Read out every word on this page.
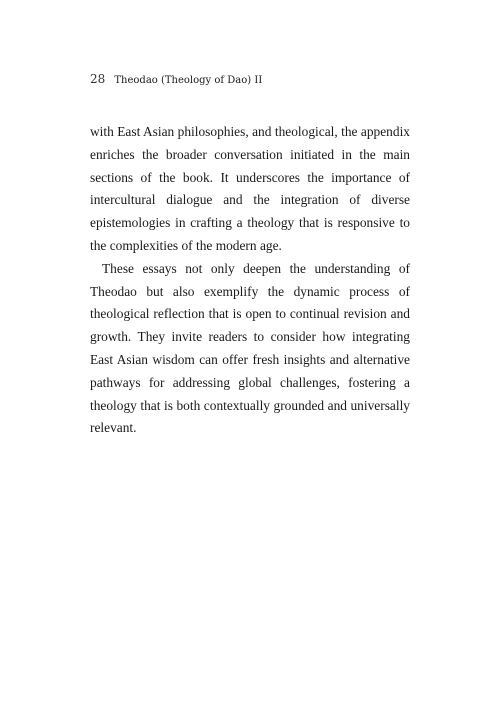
28 Theodao (Theology of Dao) II

with East Asian philosophies, and theological, the appendix enriches the broader conversation initiated in the main sections of the book. It underscores the importance of intercultural dialogue and the integration of diverse epistemologies in crafting a theology that is responsive to the complexities of the modern age.

These essays not only deepen the understanding of Theodao but also exemplify the dynamic process of theological reflection that is open to continual revision and growth. They invite readers to consider how integrating East Asian wisdom can offer fresh insights and alternative pathways for addressing global challenges, fostering a theology that is both contextually grounded and universally relevant.
